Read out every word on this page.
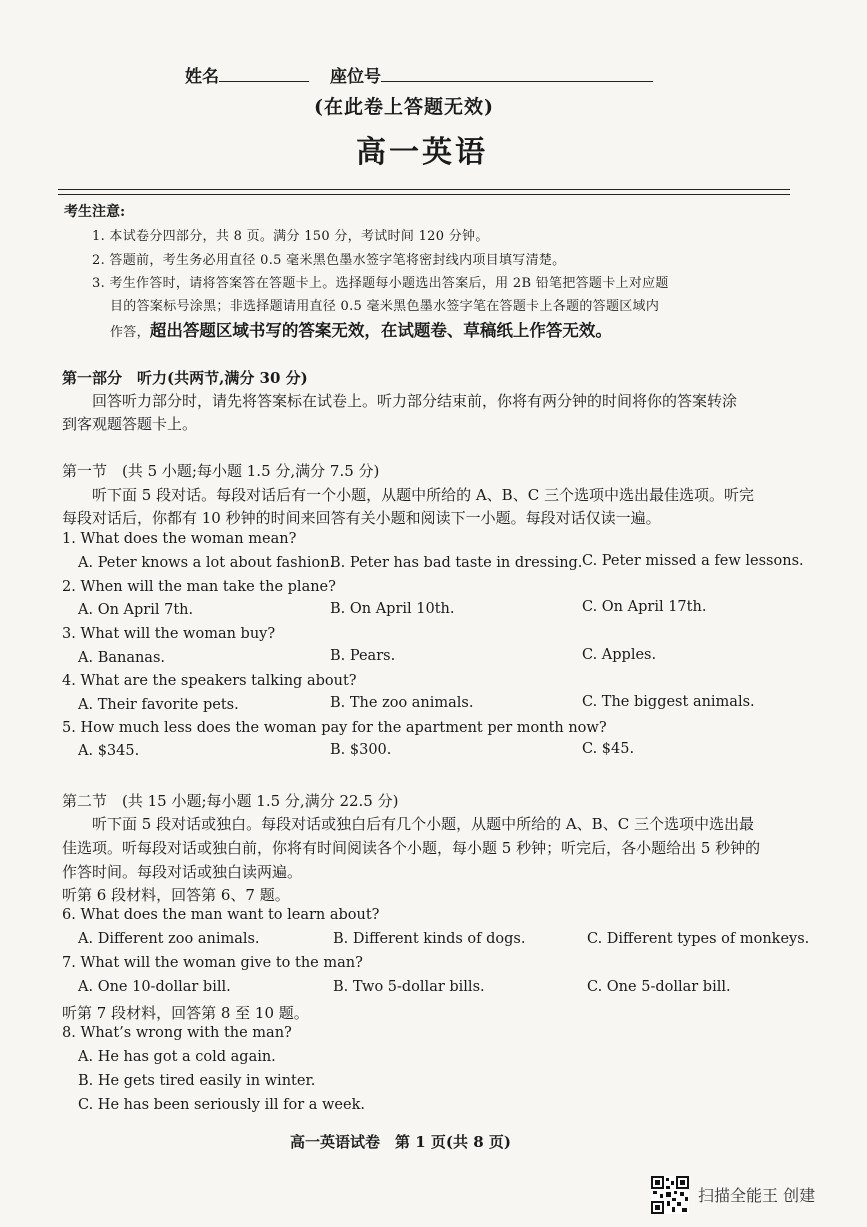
姓名	座位号
(在此卷上答题无效)
高一英语
考生注意:
1. 本试卷分四部分，共 8 页。满分 150 分，考试时间 120 分钟。
2. 答题前，考生务必用直径 0.5 毫米黑色墨水签字笔将密封线内项目填写清楚。
3. 考生作答时，请将答案答在答题卡上。选择题每小题选出答案后，用 2B 铅笔把答题卡上对应题
目的答案标号涂黑；非选择题请用直径 0.5 毫米黑色墨水签字笔在答题卡上各题的答题区域内
作答，超出答题区域书写的答案无效，在试题卷、草稿纸上作答无效。
第一部分　听力(共两节,满分 30 分)
回答听力部分时，请先将答案标在试卷上。听力部分结束前，你将有两分钟的时间将你的答案转涂
到客观题答题卡上。
第一节　(共 5 小题;每小题 1.5 分,满分 7.5 分)
听下面 5 段对话。每段对话后有一个小题，从题中所给的 A、B、C 三个选项中选出最佳选项。听完
每段对话后，你都有 10 秒钟的时间来回答有关小题和阅读下一小题。每段对话仅读一遍。
1. What does the woman mean?
A. Peter knows a lot about fashion.
B. Peter has bad taste in dressing. C. Peter missed a few lessons.
2. When will the man take the plane?
A. On April 7th.	B. On April 10th.	C. On April 17th.
3. What will the woman buy?
A. Bananas.	B. Pears.	C. Apples.
4. What are the speakers talking about?
A. Their favorite pets.	B. The zoo animals.	C. The biggest animals.
5. How much less does the woman pay for the apartment per month now?
A. $345.	B. $300.	C. $45.
第二节　(共 15 小题;每小题 1.5 分,满分 22.5 分)
听下面 5 段对话或独白。每段对话或独白后有几个小题，从题中所给的 A、B、C 三个选项中选出最
佳选项。听每段对话或独白前，你将有时间阅读各个小题，每小题 5 秒钟；听完后，各小题给出 5 秒钟的
作答时间。每段对话或独白读两遍。
听第 6 段材料，回答第 6、7 题。
6. What does the man want to learn about?
A. Different zoo animals.	B. Different kinds of dogs.	C. Different types of monkeys.
7. What will the woman give to the man?
A. One 10-dollar bill.	B. Two 5-dollar bills.	C. One 5-dollar bill.
听第 7 段材料，回答第 8 至 10 题。
8. What’s wrong with the man?
A. He has got a cold again.
B. He gets tired easily in winter.
C. He has been seriously ill for a week.
高一英语试卷　第 1 页(共 8 页)
扫描全能王 创建
